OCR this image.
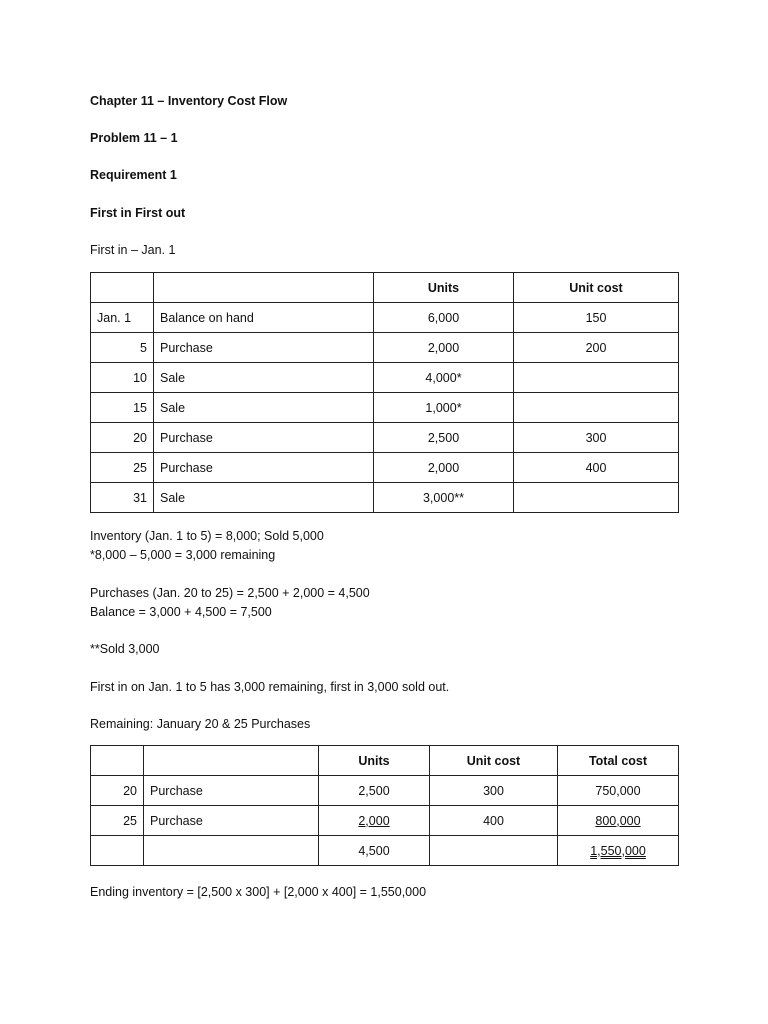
Chapter 11 – Inventory Cost Flow
Problem 11 – 1
Requirement 1
First in First out
First in – Jan. 1
		Units	Unit cost
Jan. 1	Balance on hand	6,000	150
5	Purchase	2,000	200
10	Sale	4,000*	
15	Sale	1,000*	
20	Purchase	2,500	300
25	Purchase	2,000	400
31	Sale	3,000**	
Inventory (Jan. 1 to 5) = 8,000; Sold 5,000
*8,000 – 5,000 = 3,000 remaining
Purchases (Jan. 20 to 25) = 2,500 + 2,000 = 4,500
Balance = 3,000 + 4,500 = 7,500
**Sold 3,000
First in on Jan. 1 to 5 has 3,000 remaining, first in 3,000 sold out.
Remaining: January 20 & 25 Purchases
		Units	Unit cost	Total cost
20	Purchase	2,500	300	750,000
25	Purchase	2,000	400	800,000
		4,500		1,550,000
Ending inventory = [2,500 x 300] + [2,000 x 400] = 1,550,000
